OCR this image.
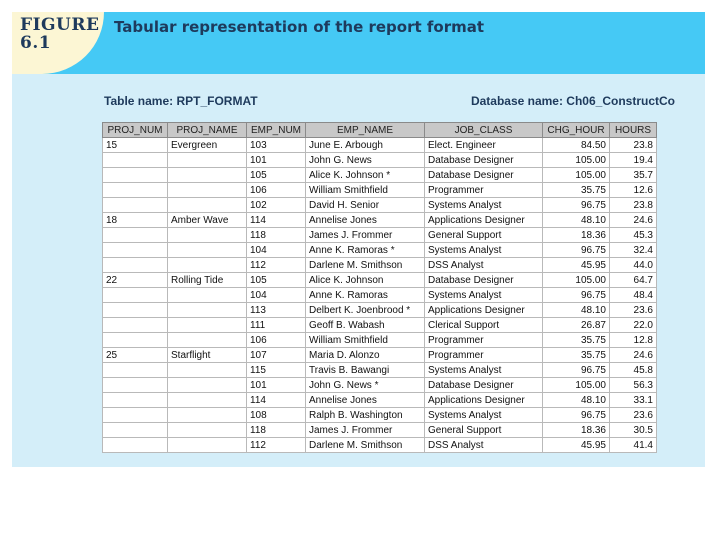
FIGURE
6.1
Tabular representation of the report format
Table name: RPT_FORMAT	Database name: Ch06_ConstructCo
PROJ_NUM	PROJ_NAME	EMP_NUM	EMP_NAME	JOB_CLASS	CHG_HOUR	HOURS
15	Evergreen	103	June E. Arbough	Elect. Engineer	84.50	23.8
		101	John G. News	Database Designer	105.00	19.4
		105	Alice K. Johnson *	Database Designer	105.00	35.7
		106	William Smithfield	Programmer	35.75	12.6
		102	David H. Senior	Systems Analyst	96.75	23.8
18	Amber Wave	114	Annelise Jones	Applications Designer	48.10	24.6
		118	James J. Frommer	General Support	18.36	45.3
		104	Anne K. Ramoras *	Systems Analyst	96.75	32.4
		112	Darlene M. Smithson	DSS Analyst	45.95	44.0
22	Rolling Tide	105	Alice K. Johnson	Database Designer	105.00	64.7
		104	Anne K. Ramoras	Systems Analyst	96.75	48.4
		113	Delbert K. Joenbrood *	Applications Designer	48.10	23.6
		111	Geoff B. Wabash	Clerical Support	26.87	22.0
		106	William Smithfield	Programmer	35.75	12.8
25	Starflight	107	Maria D. Alonzo	Programmer	35.75	24.6
		115	Travis B. Bawangi	Systems Analyst	96.75	45.8
		101	John G. News *	Database Designer	105.00	56.3
		114	Annelise Jones	Applications Designer	48.10	33.1
		108	Ralph B. Washington	Systems Analyst	96.75	23.6
		118	James J. Frommer	General Support	18.36	30.5
		112	Darlene M. Smithson	DSS Analyst	45.95	41.4
